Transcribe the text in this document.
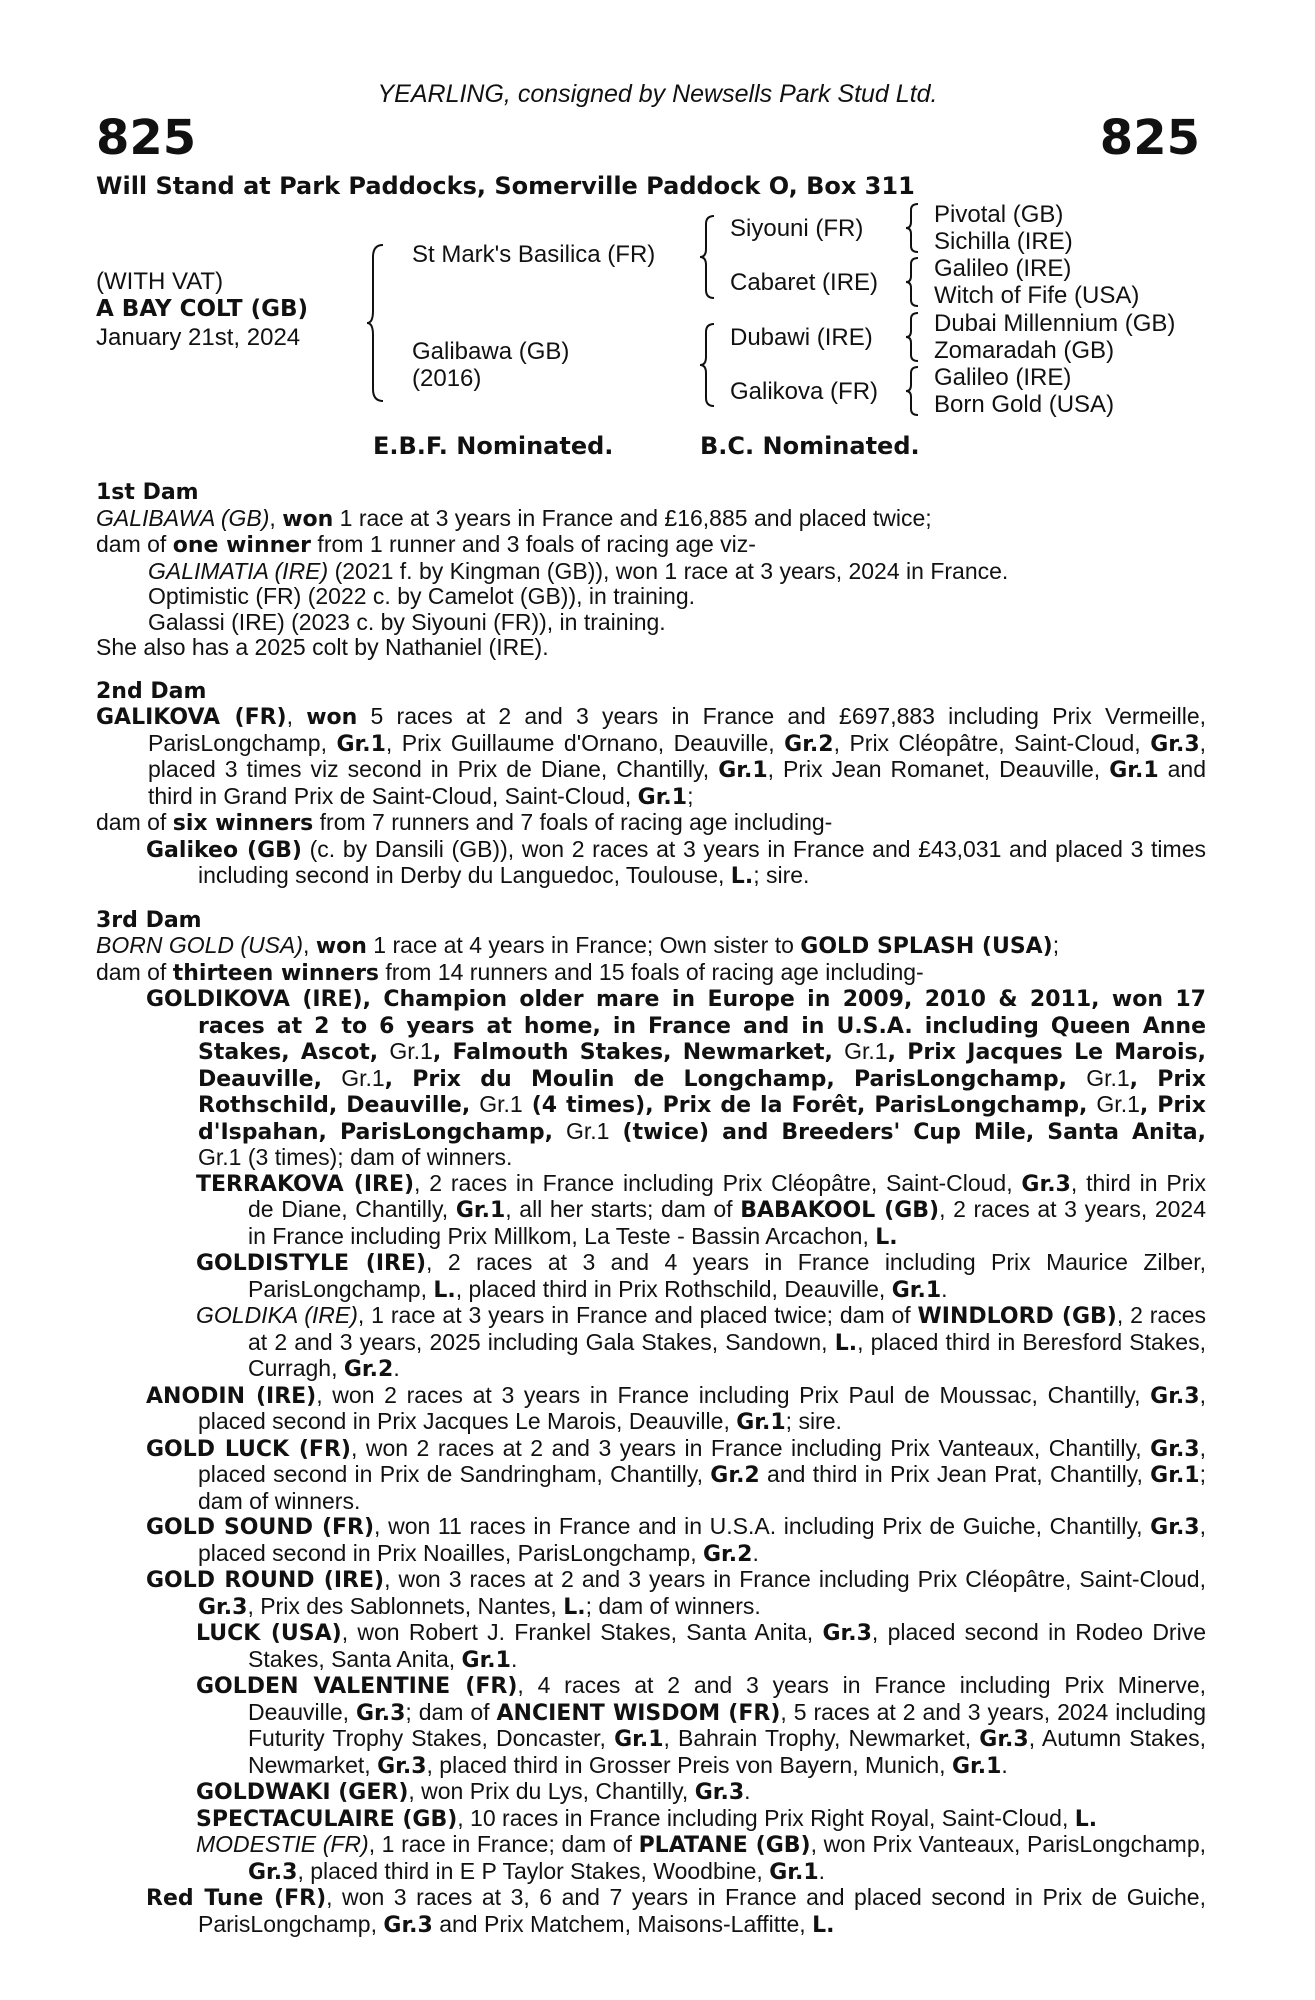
YEARLING, consigned by Newsells Park Stud Ltd.
825	825
Will Stand at Park Paddocks, Somerville Paddock O, Box 311
(WITH VAT)
A BAY COLT (GB)
January 21st, 2024
St Mark's Basilica (FR)
Galibawa (GB)
(2016)
Siyouni (FR)
Cabaret (IRE)
Dubawi (IRE)
Galikova (FR)
Pivotal (GB)
Sichilla (IRE)
Galileo (IRE)
Witch of Fife (USA)
Dubai Millennium (GB)
Zomaradah (GB)
Galileo (IRE)
Born Gold (USA)
E.B.F. Nominated.	B.C. Nominated.
1st Dam
GALIBAWA (GB), won 1 race at 3 years in France and £16,885 and placed twice;
dam of one winner from 1 runner and 3 foals of racing age viz-
GALIMATIA (IRE) (2021 f. by Kingman (GB)), won 1 race at 3 years, 2024 in France.
Optimistic (FR) (2022 c. by Camelot (GB)), in training.
Galassi (IRE) (2023 c. by Siyouni (FR)), in training.
She also has a 2025 colt by Nathaniel (IRE).
2nd Dam
GALIKOVA (FR), won 5 races at 2 and 3 years in France and £697,883 including Prix Vermeille, ParisLongchamp, Gr.1, Prix Guillaume d'Ornano, Deauville, Gr.2, Prix Cléopâtre, Saint-Cloud, Gr.3, placed 3 times viz second in Prix de Diane, Chantilly, Gr.1, Prix Jean Romanet, Deauville, Gr.1 and third in Grand Prix de Saint-Cloud, Saint-Cloud, Gr.1;
dam of six winners from 7 runners and 7 foals of racing age including-
Galikeo (GB) (c. by Dansili (GB)), won 2 races at 3 years in France and £43,031 and placed 3 times including second in Derby du Languedoc, Toulouse, L.; sire.
3rd Dam
BORN GOLD (USA), won 1 race at 4 years in France; Own sister to GOLD SPLASH (USA);
dam of thirteen winners from 14 runners and 15 foals of racing age including-
GOLDIKOVA (IRE), Champion older mare in Europe in 2009, 2010 & 2011, won 17 races at 2 to 6 years at home, in France and in U.S.A. including Queen Anne Stakes, Ascot, Gr.1, Falmouth Stakes, Newmarket, Gr.1, Prix Jacques Le Marois, Deauville, Gr.1, Prix du Moulin de Longchamp, ParisLongchamp, Gr.1, Prix Rothschild, Deauville, Gr.1 (4 times), Prix de la Forêt, ParisLongchamp, Gr.1, Prix d'Ispahan, ParisLongchamp, Gr.1 (twice) and Breeders' Cup Mile, Santa Anita, Gr.1 (3 times); dam of winners.
TERRAKOVA (IRE), 2 races in France including Prix Cléopâtre, Saint-Cloud, Gr.3, third in Prix de Diane, Chantilly, Gr.1, all her starts; dam of BABAKOOL (GB), 2 races at 3 years, 2024 in France including Prix Millkom, La Teste - Bassin Arcachon, L.
GOLDISTYLE (IRE), 2 races at 3 and 4 years in France including Prix Maurice Zilber, ParisLongchamp, L., placed third in Prix Rothschild, Deauville, Gr.1.
GOLDIKA (IRE), 1 race at 3 years in France and placed twice; dam of WINDLORD (GB), 2 races at 2 and 3 years, 2025 including Gala Stakes, Sandown, L., placed third in Beresford Stakes, Curragh, Gr.2.
ANODIN (IRE), won 2 races at 3 years in France including Prix Paul de Moussac, Chantilly, Gr.3, placed second in Prix Jacques Le Marois, Deauville, Gr.1; sire.
GOLD LUCK (FR), won 2 races at 2 and 3 years in France including Prix Vanteaux, Chantilly, Gr.3, placed second in Prix de Sandringham, Chantilly, Gr.2 and third in Prix Jean Prat, Chantilly, Gr.1; dam of winners.
GOLD SOUND (FR), won 11 races in France and in U.S.A. including Prix de Guiche, Chantilly, Gr.3, placed second in Prix Noailles, ParisLongchamp, Gr.2.
GOLD ROUND (IRE), won 3 races at 2 and 3 years in France including Prix Cléopâtre, Saint-Cloud, Gr.3, Prix des Sablonnets, Nantes, L.; dam of winners.
LUCK (USA), won Robert J. Frankel Stakes, Santa Anita, Gr.3, placed second in Rodeo Drive Stakes, Santa Anita, Gr.1.
GOLDEN VALENTINE (FR), 4 races at 2 and 3 years in France including Prix Minerve, Deauville, Gr.3; dam of ANCIENT WISDOM (FR), 5 races at 2 and 3 years, 2024 including Futurity Trophy Stakes, Doncaster, Gr.1, Bahrain Trophy, Newmarket, Gr.3, Autumn Stakes, Newmarket, Gr.3, placed third in Grosser Preis von Bayern, Munich, Gr.1.
GOLDWAKI (GER), won Prix du Lys, Chantilly, Gr.3.
SPECTACULAIRE (GB), 10 races in France including Prix Right Royal, Saint-Cloud, L.
MODESTIE (FR), 1 race in France; dam of PLATANE (GB), won Prix Vanteaux, ParisLongchamp, Gr.3, placed third in E P Taylor Stakes, Woodbine, Gr.1.
Red Tune (FR), won 3 races at 3, 6 and 7 years in France and placed second in Prix de Guiche, ParisLongchamp, Gr.3 and Prix Matchem, Maisons-Laffitte, L.
